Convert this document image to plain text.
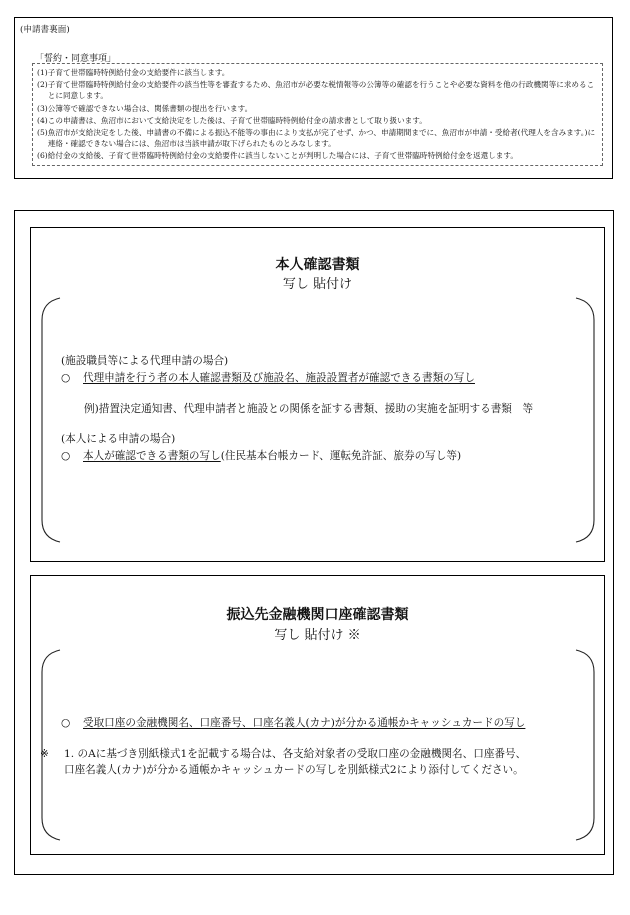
(申請書裏面)
「誓約・同意事項」
(1) 子育て世帯臨時特例給付金の支給要件に該当します。
(2) 子育て世帯臨時特例給付金の支給要件の該当性等を審査するため、魚沼市が必要な税情報等の公簿等の確認を行うことや必要な資料を他の行政機関等に求めることに同意します。
(3) 公簿等で確認できない場合は、関係書類の提出を行います。
(4) この申請書は、魚沼市において支給決定をした後は、子育て世帯臨時特例給付金の請求書として取り扱います。
(5) 魚沼市が支給決定をした後、申請書の不備による振込不能等の事由により支払が完了せず、かつ、申請期間までに、魚沼市が申請・受給者(代理人を含みます。)に連絡・確認できない場合には、魚沼市は当該申請が取下げられたものとみなします。
(6) 給付金の支給後、子育て世帯臨時特例給付金の支給要件に該当しないことが判明した場合には、子育て世帯臨時特例給付金を返還します。
本人確認書類
写し 貼付け
(施設職員等による代理申請の場合)
○ 代理申請を行う者の本人確認書類及び施設名、施設設置者が確認できる書類の写し
例)措置決定通知書、代理申請者と施設との関係を証する書類、援助の実施を証明する書類　等
(本人による申請の場合)
○ 本人が確認できる書類の写し(住民基本台帳カード、運転免許証、旅券の写し等)
振込先金融機関口座確認書類
写し 貼付け ※
○ 受取口座の金融機関名、口座番号、口座名義人(カナ)が分かる通帳かキャッシュカードの写し
※ 1. のAに基づき別紙様式1を記載する場合は、各支給対象者の受取口座の金融機関名、口座番号、
口座名義人(カナ)が分かる通帳かキャッシュカードの写しを別紙様式2により添付してください。
